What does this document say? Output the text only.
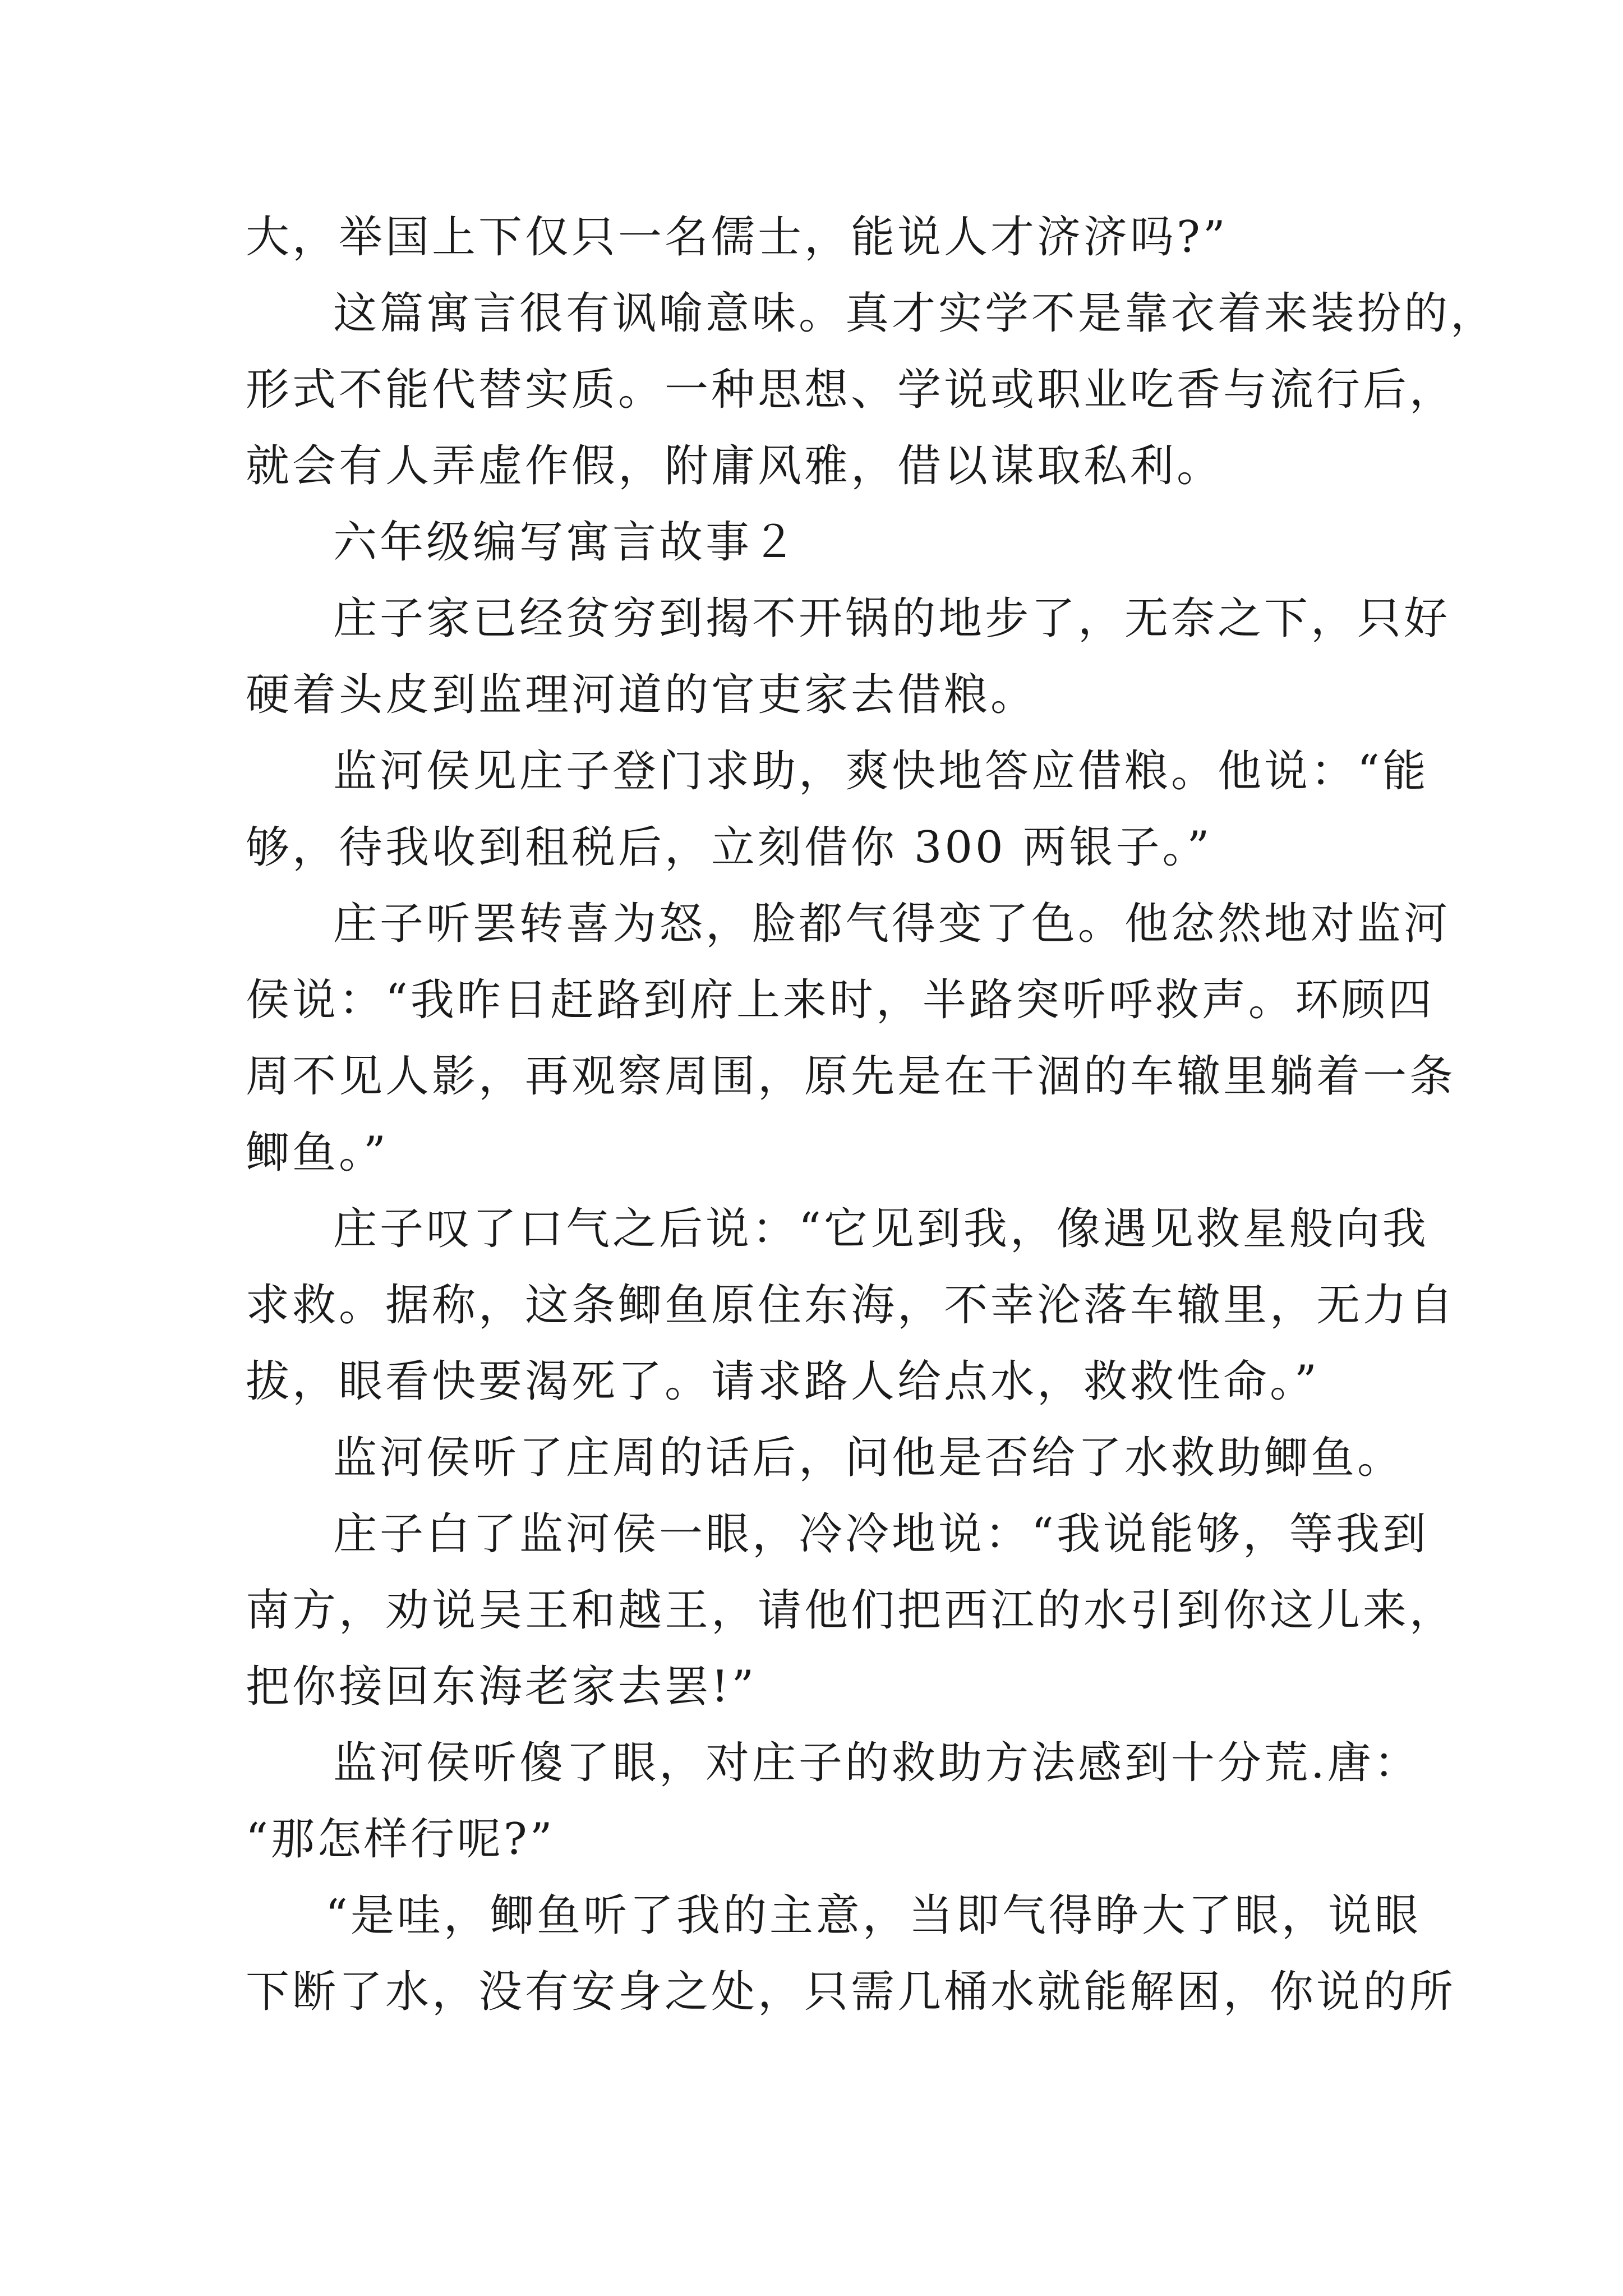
大，举国上下仅只一名儒士，能说人才济济吗?”
这篇寓言很有讽喻意味。真才实学不是靠衣着来装扮的，
形式不能代替实质。一种思想、学说或职业吃香与流行后，
就会有人弄虚作假，附庸风雅，借以谋取私利。
六年级编写寓言故事２
庄子家已经贫穷到揭不开锅的地步了，无奈之下，只好
硬着头皮到监理河道的官吏家去借粮。
监河侯见庄子登门求助，爽快地答应借粮。他说：“能
够，待我收到租税后，立刻借你 300 两银子。”
庄子听罢转喜为怒，脸都气得变了色。他忿然地对监河
侯说：“我昨日赶路到府上来时，半路突听呼救声。环顾四
周不见人影，再观察周围，原先是在干涸的车辙里躺着一条
鲫鱼。”
庄子叹了口气之后说：“它见到我，像遇见救星般向我
求救。据称，这条鲫鱼原住东海，不幸沦落车辙里，无力自
拔，眼看快要渴死了。请求路人给点水，救救性命。”
监河侯听了庄周的话后，问他是否给了水救助鲫鱼。
庄子白了监河侯一眼，冷冷地说：“我说能够，等我到
南方，劝说吴王和越王，请他们把西江的水引到你这儿来，
把你接回东海老家去罢!”
监河侯听傻了眼，对庄子的救助方法感到十分荒.唐：
“那怎样行呢?”
“是哇，鲫鱼听了我的主意，当即气得睁大了眼，说眼
下断了水，没有安身之处，只需几桶水就能解困，你说的所
